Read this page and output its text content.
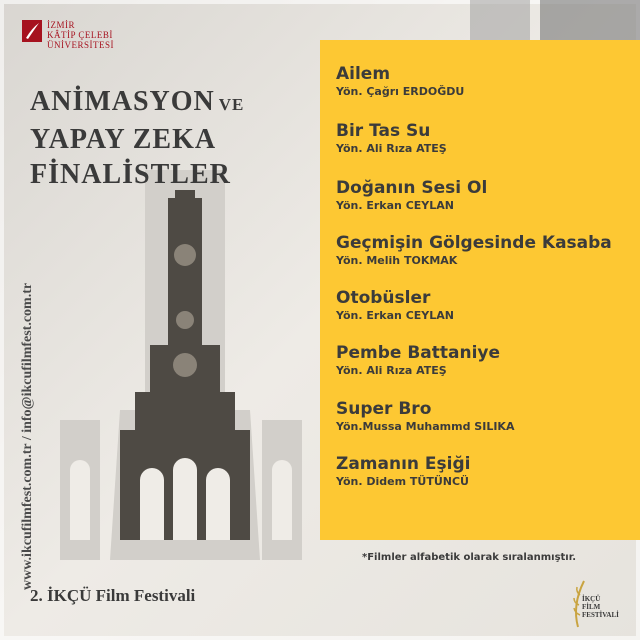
İZMİR
KÂTİP ÇELEBİ
ÜNİVERSİTESİ
ANİMASYON VE
YAPAY ZEKA
FİNALİSTLER
www.ikcufilmfest.com.tr / info@ikcufilmfest.com.tr
2. İKÇÜ Film Festivali
Ailem
Yön. Çağrı ERDOĞDU
Bir Tas Su
Yön. Ali Rıza ATEŞ
Doğanın Sesi Ol
Yön. Erkan CEYLAN
Geçmişin Gölgesinde Kasaba
Yön. Melih TOKMAK
Otobüsler
Yön. Erkan CEYLAN
Pembe Battaniye
Yön. Ali Rıza ATEŞ
Super Bro
Yön.Mussa Muhammd SILIKA
Zamanın Eşiği
Yön. Didem TÜTÜNCÜ
*Filmler alfabetik olarak sıralanmıştır.
İKÇÜ
FİLM
FESTİVALİ
